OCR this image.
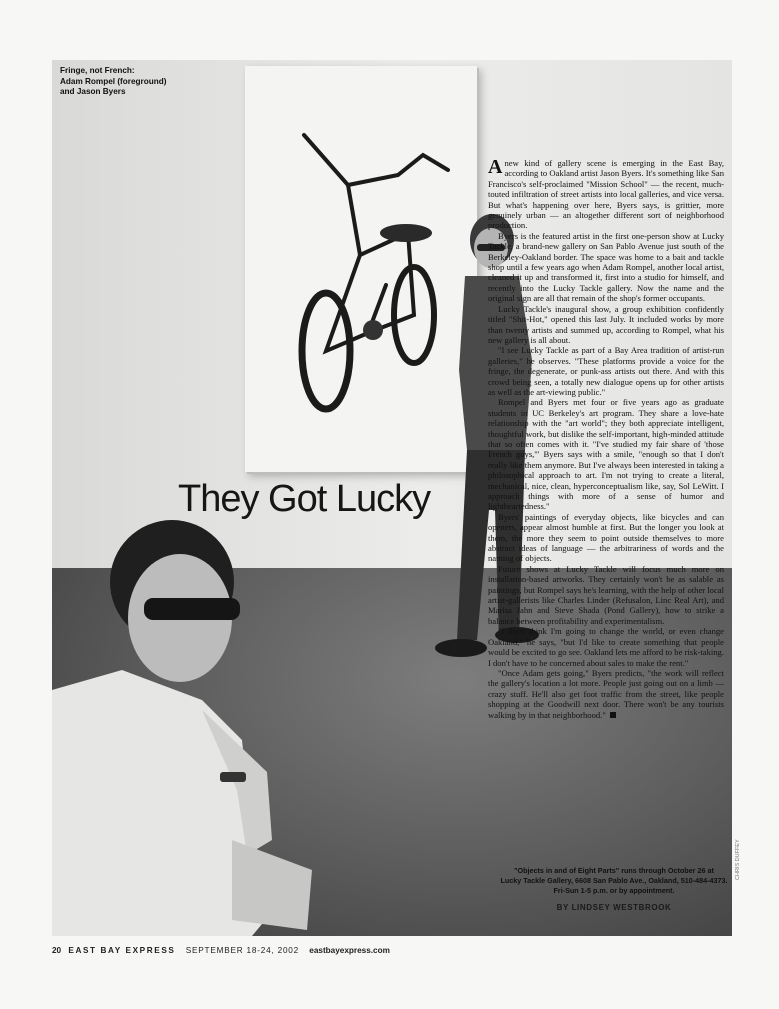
Fringe, not French:
Adam Rompel (foreground)
and Jason Byers
They Got Lucky

Anew kind of gallery scene is emerging in the East Bay, according to Oakland artist Jason Byers. It's something like San Francisco's self-proclaimed "Mission School" — the recent, much-touted infiltration of street artists into local galleries, and vice versa. But what's happening over here, Byers says, is grittier, more genuinely urban — an altogether different sort of neighborhood production.

Byers is the featured artist in the first one-person show at Lucky Tackle, a brand-new gallery on San Pablo Avenue just south of the Berkeley-Oakland border. The space was home to a bait and tackle shop until a few years ago when Adam Rompel, another local artist, cleaned it up and transformed it, first into a studio for himself, and recently into the Lucky Tackle gallery. Now the name and the original sign are all that remain of the shop's former occupants.

Lucky Tackle's inaugural show, a group exhibition confidently titled "Shit-Hot," opened this last July. It included works by more than twenty artists and summed up, according to Rompel, what his new gallery is all about.

"I see Lucky Tackle as part of a Bay Area tradition of artist-run galleries," he observes. "These platforms provide a voice for the fringe, the degenerate, or punk-ass artists out there. And with this crowd being seen, a totally new dialogue opens up for other artists as well as the art-viewing public."

Rompel and Byers met four or five years ago as graduate students in UC Berkeley's art program. They share a love-hate relationship with the "art world"; they both appreciate intelligent, thoughtful work, but dislike the self-important, high-minded attitude that so often comes with it. "I've studied my fair share of 'those French guys,'" Byers says with a smile, "enough so that I don't really like them anymore. But I've always been interested in taking a philosophical approach to art. I'm not trying to create a literal, mechanical, nice, clean, hyperconceptualism like, say, Sol LeWitt. I approach things with more of a sense of humor and lightheartedness."

Byers' paintings of everyday objects, like bicycles and can openers, appear almost humble at first. But the longer you look at them, the more they seem to point outside themselves to more abstract ideas of language — the arbitrariness of words and the naming of objects.

Future shows at Lucky Tackle will focus much more on installation-based artworks. They certainly won't be as salable as paintings, but Rompel says he's learning, with the help of other local artist-gallerists like Charles Linder (Refusalon, Linc Real Art), and Marisa Jahn and Steve Shada (Pond Gallery), how to strike a balance between profitability and experimentalism.

"I don't think I'm going to change the world, or even change Oakland," he says, "but I'd like to create something that people would be excited to go see. Oakland lets me afford to be risk-taking. I don't have to be concerned about sales to make the rent."

"Once Adam gets going," Byers predicts, "the work will reflect the gallery's location a lot more. People just going out on a limb — crazy stuff. He'll also get foot traffic from the street, like people shopping at the Goodwill next door. There won't be any tourists walking by in that neighborhood."

"Objects in and of Eight Parts" runs through October 26 at
Lucky Tackle Gallery, 6608 San Pablo Ave., Oakland, 510-484-4373.
Fri-Sun 1-5 p.m. or by appointment.
BY LINDSEY WESTBROOK
CHRIS DUFFEY
20 EAST BAY EXPRESS SEPTEMBER 18-24, 2002 eastbayexpress.com
